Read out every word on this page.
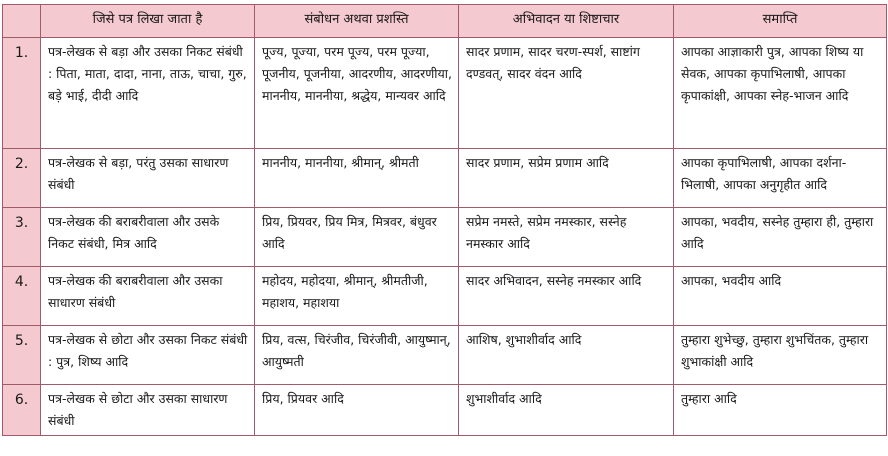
	जिसे पत्र लिखा जाता है	संबोधन अथवा प्रशस्ति	अभिवादन या शिष्टाचार	समाप्ति
1.	पत्र-लेखक से बड़ा और उसका निकट संबंधी : पिता, माता, दादा, नाना, ताऊ, चाचा, गुरु, बड़े भाई, दीदी आदि	पूज्य, पूज्या, परम पूज्य, परम पूज्या, पूजनीय, पूजनीया, आदरणीय, आदरणीया, माननीय, माननीया, श्रद्धेय, मान्यवर आदि	सादर प्रणाम, सादर चरण-स्पर्श, साष्टांग दण्डवत्, सादर वंदन आदि	आपका आज्ञाकारी पुत्र, आपका शिष्य या सेवक, आपका कृपाभिलाषी, आपका कृपाकांक्षी, आपका स्नेह-भाजन आदि
2.	पत्र-लेखक से बड़ा, परंतु उसका साधारण संबंधी	माननीय, माननीया, श्रीमान्, श्रीमती	सादर प्रणाम, सप्रेम प्रणाम आदि	आपका कृपाभिलाषी, आपका दर्शना-भिलाषी, आपका अनुगृहीत आदि
3.	पत्र-लेखक की बराबरीवाला और उसके निकट संबंधी, मित्र आदि	प्रिय, प्रियवर, प्रिय मित्र, मित्रवर, बंधुवर आदि	सप्रेम नमस्ते, सप्रेम नमस्कार, सस्नेह नमस्कार आदि	आपका, भवदीय, सस्नेह तुम्हारा ही, तुम्हारा आदि
4.	पत्र-लेखक की बराबरीवाला और उसका साधारण संबंधी	महोदय, महोदया, श्रीमान्, श्रीमतीजी, महाशय, महाशया	सादर अभिवादन, सस्नेह नमस्कार आदि	आपका, भवदीय आदि
5.	पत्र-लेखक से छोटा और उसका निकट संबंधी : पुत्र, शिष्य आदि	प्रिय, वत्स, चिरंजीव, चिरंजीवी, आयुष्मान्, आयुष्मती	आशिष, शुभाशीर्वाद आदि	तुम्हारा शुभेच्छु, तुम्हारा शुभचिंतक, तुम्हारा शुभाकांक्षी आदि
6.	पत्र-लेखक से छोटा और उसका साधारण संबंधी	प्रिय, प्रियवर आदि	शुभाशीर्वाद आदि	तुम्हारा आदि
